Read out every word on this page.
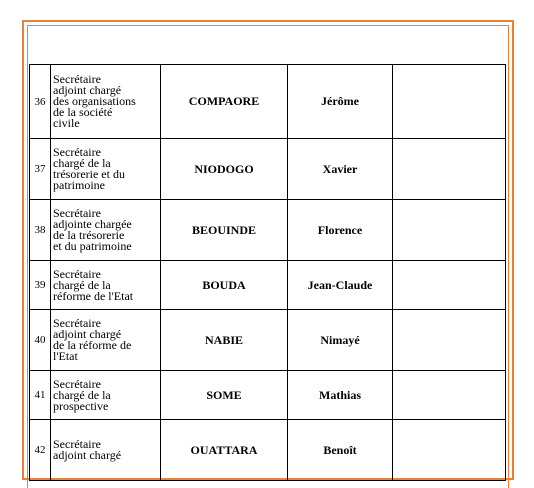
36	Secrétaire
adjoint chargé
des organisations
de la société
civile	COMPAORE	Jérôme	
37	Secrétaire
chargé de la
trésorerie et du
patrimoine	NIODOGO	Xavier	
38	Secrétaire
adjointe chargée
de la trésorerie
et du patrimoine	BEOUINDE	Florence	
39	Secrétaire
chargé de la
réforme de l'Etat	BOUDA	Jean-Claude	
40	Secrétaire
adjoint chargé
de la réforme de
l'Etat	NABIE	Nimayé	
41	Secrétaire
chargé de la
prospective	SOME	Mathias	
42	Secrétaire
adjoint chargé	OUATTARA	Benoît	
